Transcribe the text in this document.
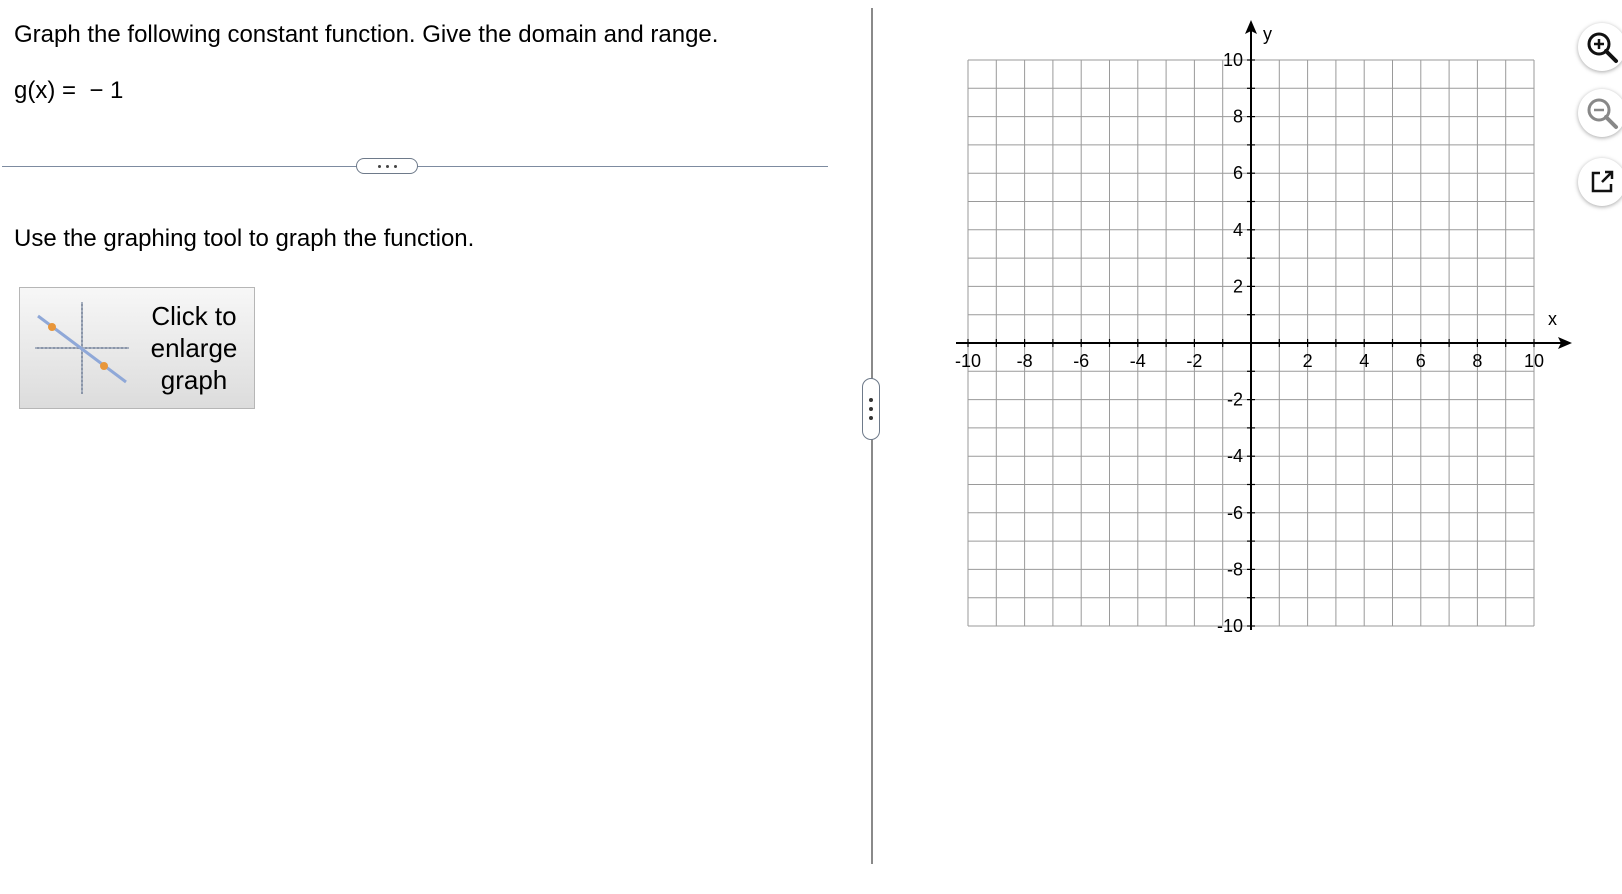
Graph the following constant function. Give the domain and range.
g(x) =  − 1
Use the graphing tool to graph the function.
Click to
enlarge
graph
-10 -8 -6 -4 -2	2	4	6	8 10
10
8
6
4
2
-2
-4
-6
-8
-10
x
y
